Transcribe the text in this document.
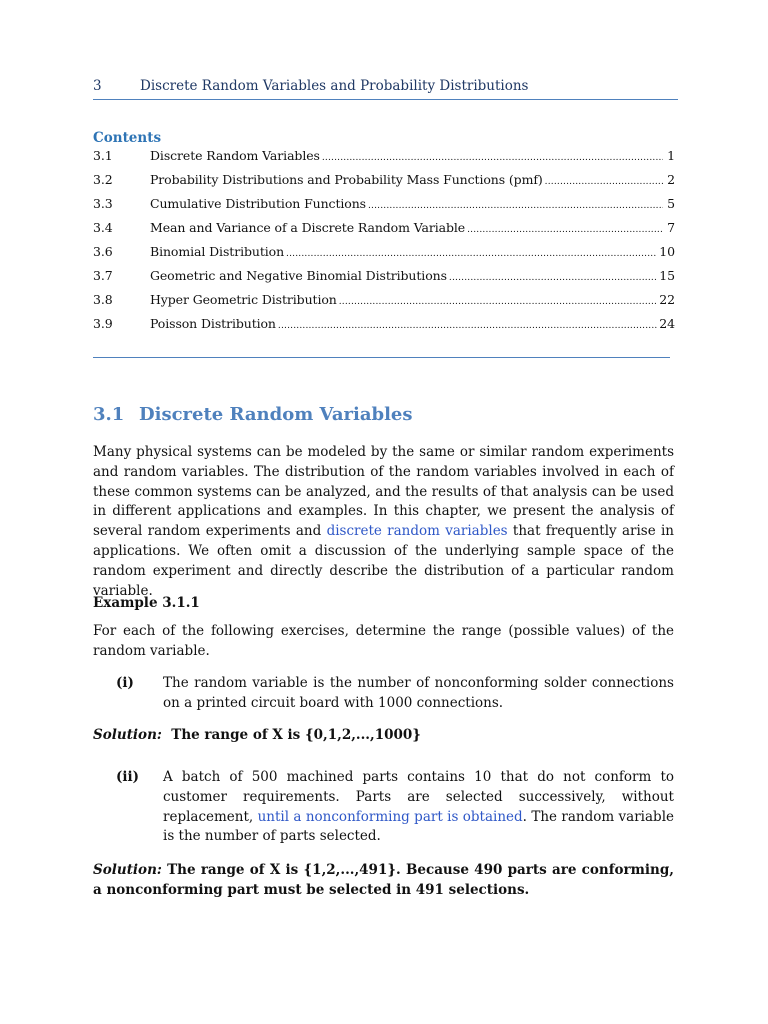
3	Discrete Random Variables and Probability Distributions
Contents
3.1	Discrete Random Variables .....	1
3.2	Probability Distributions and Probability Mass Functions (pmf) .....	2
3.3	Cumulative Distribution Functions .....	5
3.4	Mean and Variance of a Discrete Random Variable .....	7
3.6	Binomial Distribution .....	10
3.7	Geometric and Negative Binomial Distributions .....	15
3.8	Hyper Geometric Distribution .....	22
3.9	Poisson Distribution .....	24
3.1 Discrete Random Variables
Many physical systems can be modeled by the same or similar random experiments and random variables. The distribution of the random variables involved in each of these common systems can be analyzed, and the results of that analysis can be used in different applications and examples. In this chapter, we present the analysis of several random experiments and discrete random variables that frequently arise in applications. We often omit a discussion of the underlying sample space of the random experiment and directly describe the distribution of a particular random variable.
Example 3.1.1
For each of the following exercises, determine the range (possible values) of the random variable.
(i) The random variable is the number of nonconforming solder connections on a printed circuit board with 1000 connections.
Solution: The range of X is {0,1,2,...,1000}
(ii) A batch of 500 machined parts contains 10 that do not conform to customer requirements. Parts are selected successively, without replacement, until a nonconforming part is obtained. The random variable is the number of parts selected.
Solution: The range of X is {1,2,...,491}. Because 490 parts are conforming, a nonconforming part must be selected in 491 selections.
